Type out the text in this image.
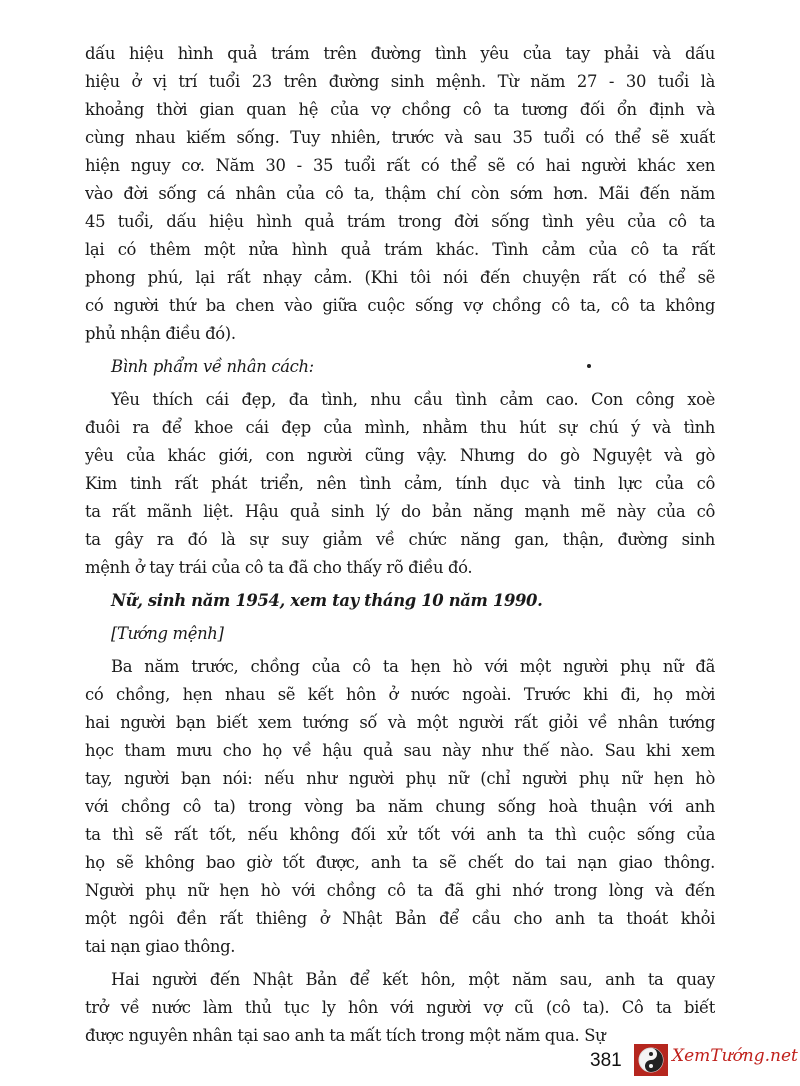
dấu hiệu hình quả trám trên đường tình yêu của tay phải và dấu
hiệu ở vị trí tuổi 23 trên đường sinh mệnh. Từ năm 27 - 30 tuổi là
khoảng thời gian quan hệ của vợ chồng cô ta tương đối ổn định và
cùng nhau kiếm sống. Tuy nhiên, trước và sau 35 tuổi có thể sẽ xuất
hiện nguy cơ. Năm 30 - 35 tuổi rất có thể sẽ có hai người khác xen
vào đời sống cá nhân của cô ta, thậm chí còn sớm hơn. Mãi đến năm
45 tuổi, dấu hiệu hình quả trám trong đời sống tình yêu của cô ta
lại có thêm một nửa hình quả trám khác. Tình cảm của cô ta rất
phong phú, lại rất nhạy cảm. (Khi tôi nói đến chuyện rất có thể sẽ
có người thứ ba chen vào giữa cuộc sống vợ chồng cô ta, cô ta không
phủ nhận điều đó).
Bình phẩm về nhân cách:
Yêu thích cái đẹp, đa tình, nhu cầu tình cảm cao. Con công xoè
đuôi ra để khoe cái đẹp của mình, nhằm thu hút sự chú ý và tình
yêu của khác giới, con người cũng vậy. Nhưng do gò Nguyệt và gò
Kim tinh rất phát triển, nên tình cảm, tính dục và tinh lực của cô
ta rất mãnh liệt. Hậu quả sinh lý do bản năng mạnh mẽ này của cô
ta gây ra đó là sự suy giảm về chức năng gan, thận, đường sinh
mệnh ở tay trái của cô ta đã cho thấy rõ điều đó.
Nữ, sinh năm 1954, xem tay tháng 10 năm 1990.
[Tướng mệnh]
Ba năm trước, chồng của cô ta hẹn hò với một người phụ nữ đã
có chồng, hẹn nhau sẽ kết hôn ở nước ngoài. Trước khi đi, họ mời
hai người bạn biết xem tướng số và một người rất giỏi về nhân tướng
học tham mưu cho họ về hậu quả sau này như thế nào. Sau khi xem
tay, người bạn nói: nếu như người phụ nữ (chỉ người phụ nữ hẹn hò
với chồng cô ta) trong vòng ba năm chung sống hoà thuận với anh
ta thì sẽ rất tốt, nếu không đối xử tốt với anh ta thì cuộc sống của
họ sẽ không bao giờ tốt được, anh ta sẽ chết do tai nạn giao thông.
Người phụ nữ hẹn hò với chồng cô ta đã ghi nhớ trong lòng và đến
một ngôi đền rất thiêng ở Nhật Bản để cầu cho anh ta thoát khỏi
tai nạn giao thông.
Hai người đến Nhật Bản để kết hôn, một năm sau, anh ta quay
trở về nước làm thủ tục ly hôn với người vợ cũ (cô ta). Cô ta biết
được nguyên nhân tại sao anh ta mất tích trong một năm qua. Sự
XemTướng.net
381
